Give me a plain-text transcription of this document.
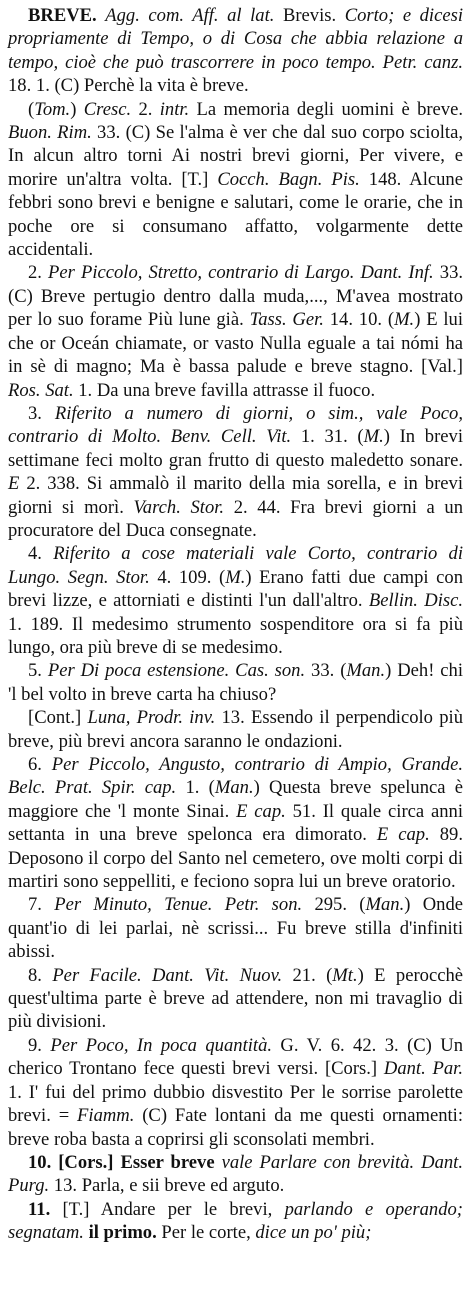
BREVE. Agg. com. Aff. al lat. Brevis. Corto; e dicesi propriamente di Tempo, o di Cosa che abbia relazione a tempo, cioè che può trascorrere in poco tempo. Petr. canz. 18. 1. (C) Perchè la vita è breve.

(Tom.) Cresc. 2. intr. La memoria degli uomini è breve. Buon. Rim. 33. (C) Se l'alma è ver che dal suo corpo sciolta, In alcun altro torni Ai nostri brevi giorni, Per vivere, e morire un'altra volta. [T.] Cocch. Bagn. Pis. 148. Alcune febbri sono brevi e benigne e salutari, come le orarie, che in poche ore si consumano affatto, volgarmente dette accidentali.

2. Per Piccolo, Stretto, contrario di Largo. Dant. Inf. 33. (C) Breve pertugio dentro dalla muda,..., M'avea mostrato per lo suo forame Più lune già. Tass. Ger. 14. 10. (M.) E lui che or Oceán chiamate, or vasto Nulla eguale a tai nómi ha in sè di magno; Ma è bassa palude e breve stagno. [Val.] Ros. Sat. 1. Da una breve favilla attrasse il fuoco.

3. Riferito a numero di giorni, o sim., vale Poco, contrario di Molto. Benv. Cell. Vit. 1. 31. (M.) In brevi settimane feci molto gran frutto di questo maledetto sonare. E 2. 338. Si ammalò il marito della mia sorella, e in brevi giorni si morì. Varch. Stor. 2. 44. Fra brevi giorni a un procuratore del Duca consegnate.

4. Riferito a cose materiali vale Corto, contrario di Lungo. Segn. Stor. 4. 109. (M.) Erano fatti due campi con brevi lizze, e attorniati e distinti l'un dall'altro. Bellin. Disc. 1. 189. Il medesimo strumento sospenditore ora si fa più lungo, ora più breve di se medesimo.

5. Per Di poca estensione. Cas. son. 33. (Man.) Deh! chi 'l bel volto in breve carta ha chiuso?

[Cont.] Luna, Prodr. inv. 13. Essendo il perpendicolo più breve, più brevi ancora saranno le ondazioni.

6. Per Piccolo, Angusto, contrario di Ampio, Grande. Belc. Prat. Spir. cap. 1. (Man.) Questa breve spelunca è maggiore che 'l monte Sinai. E cap. 51. Il quale circa anni settanta in una breve spelonca era dimorato. E cap. 89. Deposono il corpo del Santo nel cemetero, ove molti corpi di martiri sono seppelliti, e feciono sopra lui un breve oratorio.

7. Per Minuto, Tenue. Petr. son. 295. (Man.) Onde quant'io di lei parlai, nè scrissi... Fu breve stilla d'infiniti abissi.

8. Per Facile. Dant. Vit. Nuov. 21. (Mt.) E perocchè quest'ultima parte è breve ad attendere, non mi travaglio di più divisioni.

9. Per Poco, In poca quantità. G. V. 6. 42. 3. (C) Un cherico Trontano fece questi brevi versi. [Cors.] Dant. Par. 1. I' fui del primo dubbio disvestito Per le sorrise parolette brevi. = Fiamm. (C) Fate lontani da me questi ornamenti: breve roba basta a coprirsi gli sconsolati membri.

10. [Cors.] Esser breve vale Parlare con brevità. Dant. Purg. 13. Parla, e sii breve ed arguto.

11. [T.] Andare per le brevi, parlando e operando; segnatam. il primo. Per le corte, dice un po' più;
